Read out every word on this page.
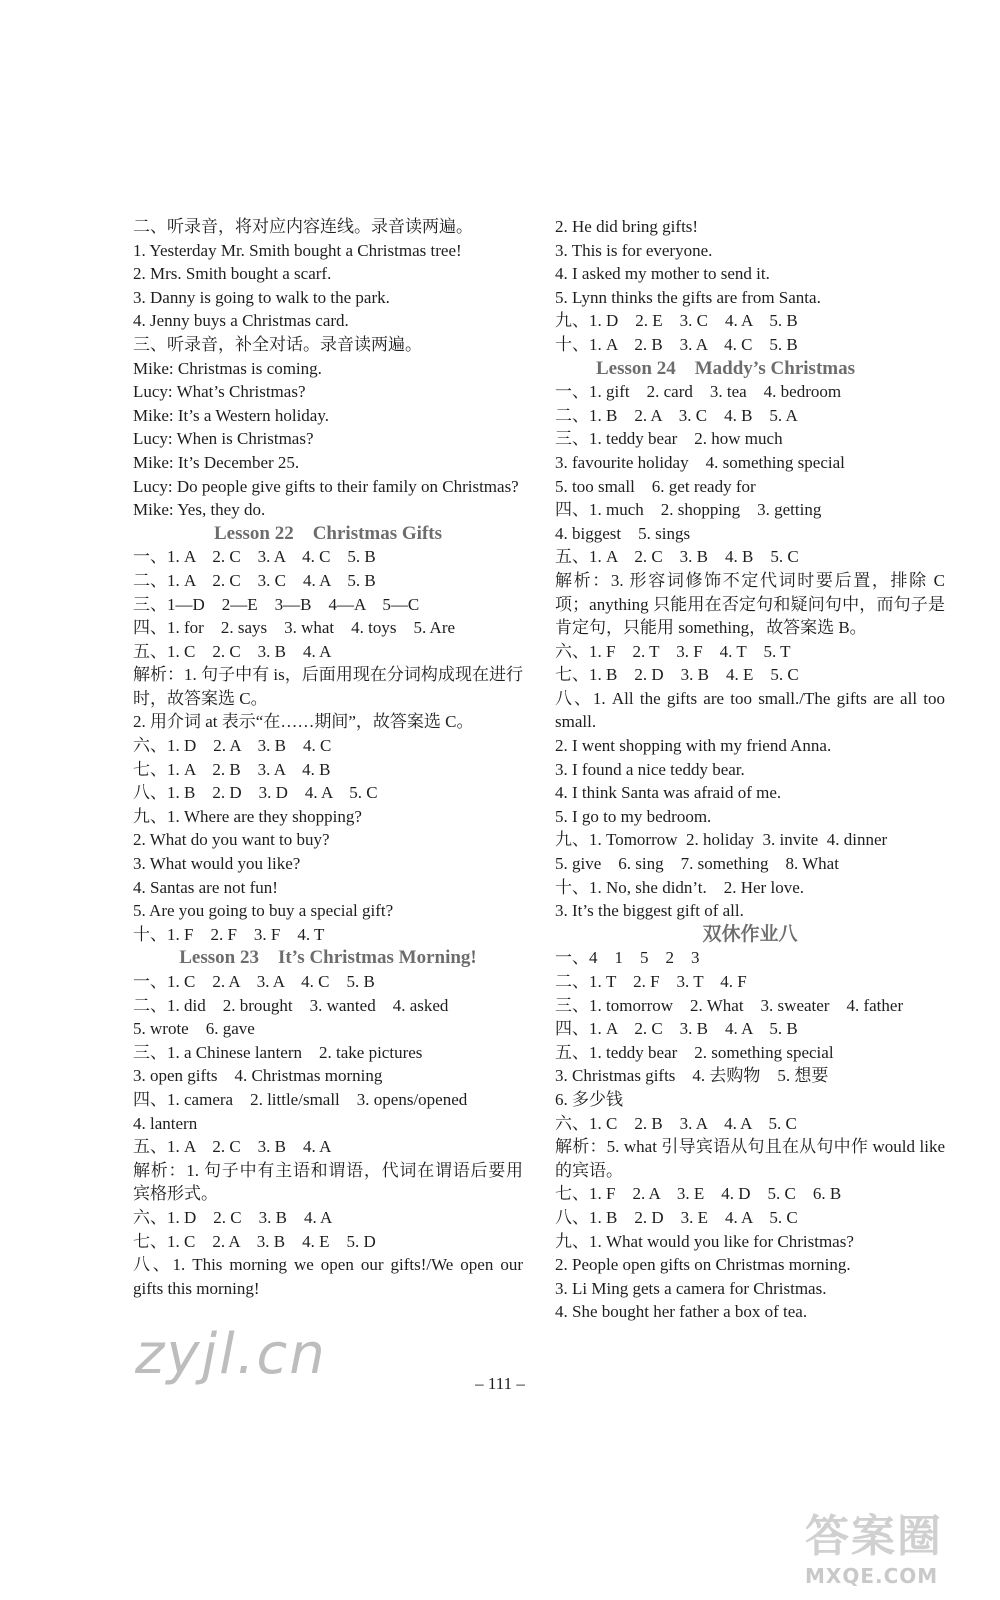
二、听录音，将对应内容连线。录音读两遍。
1. Yesterday Mr. Smith bought a Christmas tree!
2. Mrs. Smith bought a scarf.
3. Danny is going to walk to the park.
4. Jenny buys a Christmas card.
三、听录音，补全对话。录音读两遍。
Mike: Christmas is coming.
Lucy: What’s Christmas?
Mike: It’s a Western holiday.
Lucy: When is Christmas?
Mike: It’s December 25.
Lucy: Do people give gifts to their family on Christmas?
Mike: Yes, they do.
Lesson 22    Christmas Gifts
一、1. A    2. C    3. A    4. C    5. B
二、1. A    2. C    3. C    4. A    5. B
三、1—D    2—E    3—B    4—A    5—C
四、1. for    2. says    3. what    4. toys    5. Are
五、1. C    2. C    3. B    4. A
解析：1. 句子中有 is，后面用现在分词构成现在进行时，故答案选 C。
2. 用介词 at 表示“在……期间”，故答案选 C。
六、1. D    2. A    3. B    4. C
七、1. A    2. B    3. A    4. B
八、1. B    2. D    3. D    4. A    5. C
九、1. Where are they shopping?
2. What do you want to buy?
3. What would you like?
4. Santas are not fun!
5. Are you going to buy a special gift?
十、1. F    2. F    3. F    4. T
Lesson 23    It’s Christmas Morning!
一、1. C    2. A    3. A    4. C    5. B
二、1. did    2. brought    3. wanted    4. asked
5. wrote    6. gave
三、1. a Chinese lantern    2. take pictures
3. open gifts    4. Christmas morning
四、1. camera    2. little/small    3. opens/opened
4. lantern
五、1. A    2. C    3. B    4. A
解析：1. 句子中有主语和谓语，代词在谓语后要用宾格形式。
六、1. D    2. C    3. B    4. A
七、1. C    2. A    3. B    4. E    5. D
八、1. This morning we open our gifts!/We open our gifts this morning!
2. He did bring gifts!
3. This is for everyone.
4. I asked my mother to send it.
5. Lynn thinks the gifts are from Santa.
九、1. D    2. E    3. C    4. A    5. B
十、1. A    2. B    3. A    4. C    5. B
Lesson 24    Maddy’s Christmas
一、1. gift    2. card    3. tea    4. bedroom
二、1. B    2. A    3. C    4. B    5. A
三、1. teddy bear    2. how much
3. favourite holiday    4. something special
5. too small    6. get ready for
四、1. much    2. shopping    3. getting
4. biggest    5. sings
五、1. A    2. C    3. B    4. B    5. C
解析：3. 形容词修饰不定代词时要后置，排除 C 项；anything 只能用在否定句和疑问句中，而句子是肯定句，只能用 something，故答案选 B。
六、1. F    2. T    3. F    4. T    5. T
七、1. B    2. D    3. B    4. E    5. C
八、1. All the gifts are too small./The gifts are all too small.
2. I went shopping with my friend Anna.
3. I found a nice teddy bear.
4. I think Santa was afraid of me.
5. I go to my bedroom.
九、1. Tomorrow  2. holiday  3. invite  4. dinner
5. give    6. sing    7. something    8. What
十、1. No, she didn’t.    2. Her love.
3. It’s the biggest gift of all.
双休作业八
一、4    1    5    2    3
二、1. T    2. F    3. T    4. F
三、1. tomorrow    2. What    3. sweater    4. father
四、1. A    2. C    3. B    4. A    5. B
五、1. teddy bear    2. something special
3. Christmas gifts    4. 去购物    5. 想要
6. 多少钱
六、1. C    2. B    3. A    4. A    5. C
解析：5. what 引导宾语从句且在从句中作 would like 的宾语。
七、1. F    2. A    3. E    4. D    5. C    6. B
八、1. B    2. D    3. E    4. A    5. C
九、1. What would you like for Christmas?
2. People open gifts on Christmas morning.
3. Li Ming gets a camera for Christmas.
4. She bought her father a box of tea.
– 111 –
zyjl.cn
答案圈
MXQE.COM
